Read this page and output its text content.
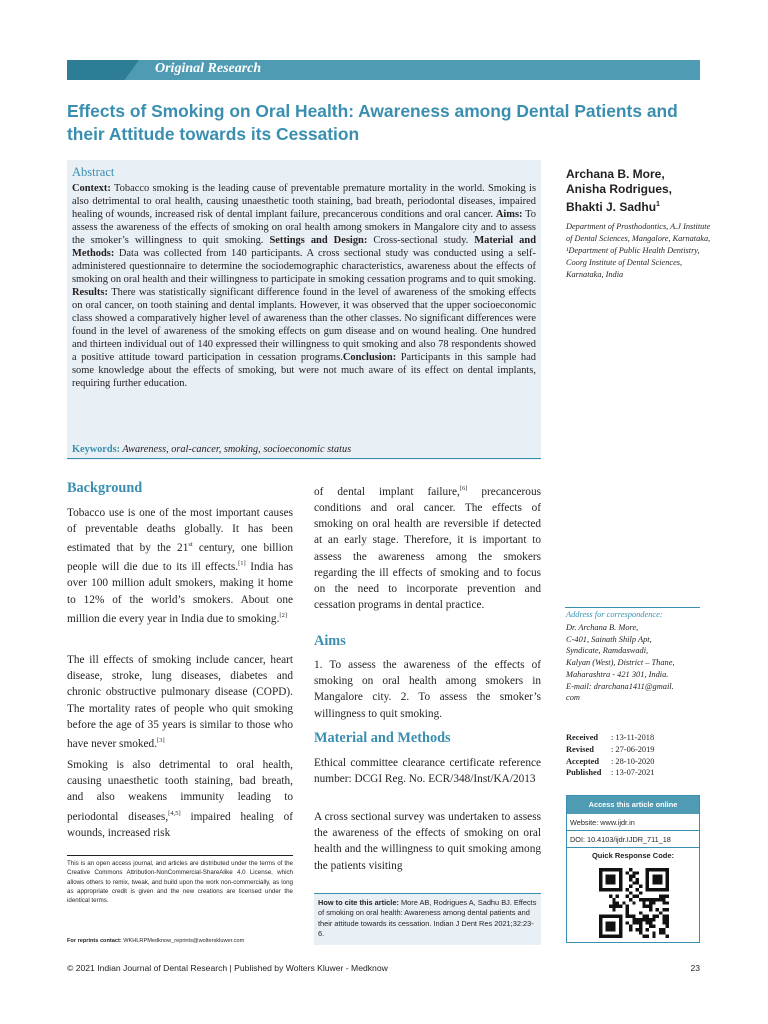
Original Research
Effects of Smoking on Oral Health: Awareness among Dental Patients and their Attitude towards its Cessation
Abstract

Context: Tobacco smoking is the leading cause of preventable premature mortality in the world. Smoking is also detrimental to oral health, causing unaesthetic tooth staining, bad breath, periodontal diseases, impaired healing of wounds, increased risk of dental implant failure, precancerous conditions and oral cancer. Aims: To assess the awareness of the effects of smoking on oral health among smokers in Mangalore city and to assess the smoker’s willingness to quit smoking. Settings and Design: Cross-sectional study. Material and Methods: Data was collected from 140 participants. A cross sectional study was conducted using a self-administered questionnaire to determine the sociodemographic characteristics, awareness about the effects of smoking on oral health and their willingness to participate in smoking cessation programs and to quit smoking. Results: There was statistically significant difference found in the level of awareness of the smoking effects on oral cancer, on tooth staining and dental implants. However, it was observed that the upper socioeconomic class showed a comparatively higher level of awareness than the other classes. No significant differences were found in the level of awareness of the smoking effects on gum disease and on wound healing. One hundred and thirteen individual out of 140 expressed their willingness to quit smoking and also 78 respondents showed a positive attitude toward participation in cessation programs.Conclusion: Participants in this sample had some knowledge about the effects of smoking, but were not much aware of its effect on dental implants, requiring further education.

Keywords: Awareness, oral-cancer, smoking, socioeconomic status
Archana B. More,
Anisha Rodrigues,
Bhakti J. Sadhu$^1$
Department of Prosthodontics, A.J Institute of Dental Sciences, Mangalore, Karnataka, ¹Department of Public Health Dentistry, Coorg Institute of Dental Sciences, Karnataka, India
Background

Tobacco use is one of the most important causes of preventable deaths globally. It has been estimated that by the 21st century, one billion people will die due to its ill effects.[1] India has over 100 million adult smokers, making it home to 12% of the world’s smokers. About one million die every year in India due to smoking.[2]

The ill effects of smoking include cancer, heart disease, stroke, lung diseases, diabetes and chronic obstructive pulmonary disease (COPD). The mortality rates of people who quit smoking before the age of 35 years is similar to those who have never smoked.[3]

Smoking is also detrimental to oral health, causing unaesthetic tooth staining, bad breath, and also weakens immunity leading to periodontal diseases,[4,5] impaired healing of wounds, increased risk

This is an open access journal, and articles are distributed under the terms of the Creative Commons Attribution-NonCommercial-ShareAlike 4.0 License, which allows others to remix, tweak, and build upon the work non-commercially, as long as appropriate credit is given and the new creations are licensed under the identical terms.
For reprints contact: WKHLRPMedknow_reprints@wolterskluwer.com

of dental implant failure,[6] precancerous conditions and oral cancer. The effects of smoking on oral health are reversible if detected at an early stage. Therefore, it is important to assess the awareness among the smokers regarding the ill effects of smoking and to focus on the need to incorporate prevention and cessation programs in dental practice.

Aims

1. To assess the awareness of the effects of smoking on oral health among smokers in Mangalore city. 2. To assess the smoker’s willingness to quit smoking.

Material and Methods

Ethical committee clearance certificate reference number: DCGI Reg. No. ECR/348/Inst/KA/2013

A cross sectional survey was undertaken to assess the awareness of the effects of smoking on oral health and the willingness to quit smoking among the patients visiting

How to cite this article: More AB, Rodrigues A, Sadhu BJ. Effects of smoking on oral health: Awareness among dental patients and their attitude towards its cessation. Indian J Dent Res 2021;32:23-6.
Address for correspondence:
Dr. Archana B. More,
C-401, Sainath Shilp Apt,
Syndicate, Ramdaswadi,
Kalyan (West), District – Thane,
Maharashtra - 421 301, India.
E-mail: drarchana1411@gmail.
com
Received	: 13-11-2018
Revised	: 27-06-2019
Accepted	: 28-10-2020
Published	: 13-07-2021
Access this article online
Website: www.ijdr.in
DOI: 10.4103/ijdr.IJDR_711_18
Quick Response Code:
© 2021 Indian Journal of Dental Research | Published by Wolters Kluwer - Medknow	23
